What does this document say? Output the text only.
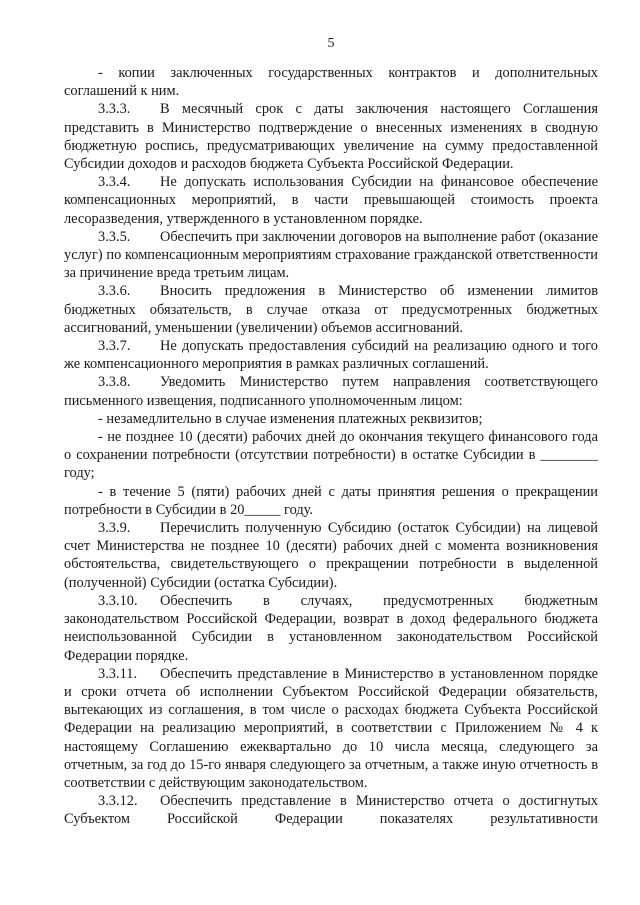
5

- копии заключенных государственных контрактов и дополнительных соглашений к ним.

3.3.3. В месячный срок с даты заключения настоящего Соглашения представить в Министерство подтверждение о внесенных изменениях в сводную бюджетную роспись, предусматривающих увеличение на сумму предоставленной Субсидии доходов и расходов бюджета Субъекта Российской Федерации.

3.3.4. Не допускать использования Субсидии на финансовое обеспечение компенсационных мероприятий, в части превышающей стоимость проекта лесоразведения, утвержденного в установленном порядке.

3.3.5. Обеспечить при заключении договоров на выполнение работ (оказание услуг) по компенсационным мероприятиям страхование гражданской ответственности за причинение вреда третьим лицам.

3.3.6. Вносить предложения в Министерство об изменении лимитов бюджетных обязательств, в случае отказа от предусмотренных бюджетных ассигнований, уменьшении (увеличении) объемов ассигнований.

3.3.7. Не допускать предоставления субсидий на реализацию одного и того же компенсационного мероприятия в рамках различных соглашений.

3.3.8. Уведомить Министерство путем направления соответствующего письменного извещения, подписанного уполномоченным лицом:

- незамедлительно в случае изменения платежных реквизитов;

- не позднее 10 (десяти) рабочих дней до окончания текущего финансового года о сохранении потребности (отсутствии потребности) в остатке Субсидии в ________ году;

- в течение 5 (пяти) рабочих дней с даты принятия решения о прекращении потребности в Субсидии в 20_____ году.

3.3.9. Перечислить полученную Субсидию (остаток Субсидии) на лицевой счет Министерства не позднее 10 (десяти) рабочих дней с момента возникновения обстоятельства, свидетельствующего о прекращении потребности в выделенной (полученной) Субсидии (остатка Субсидии).

3.3.10. Обеспечить в случаях, предусмотренных бюджетным законодательством Российской Федерации, возврат в доход федерального бюджета неиспользованной Субсидии в установленном законодательством Российской Федерации порядке.

3.3.11. Обеспечить представление в Министерство в установленном порядке и сроки отчета об исполнении Субъектом Российской Федерации обязательств, вытекающих из соглашения, в том числе о расходах бюджета Субъекта Российской Федерации на реализацию мероприятий, в соответствии с Приложением № 4 к настоящему Соглашению ежеквартально до 10 числа месяца, следующего за отчетным, за год до 15-го января следующего за отчетным, а также иную отчетность в соответствии с действующим законодательством.

3.3.12. Обеспечить представление в Министерство отчета о достигнутых Субъектом Российской Федерации показателях результативности
